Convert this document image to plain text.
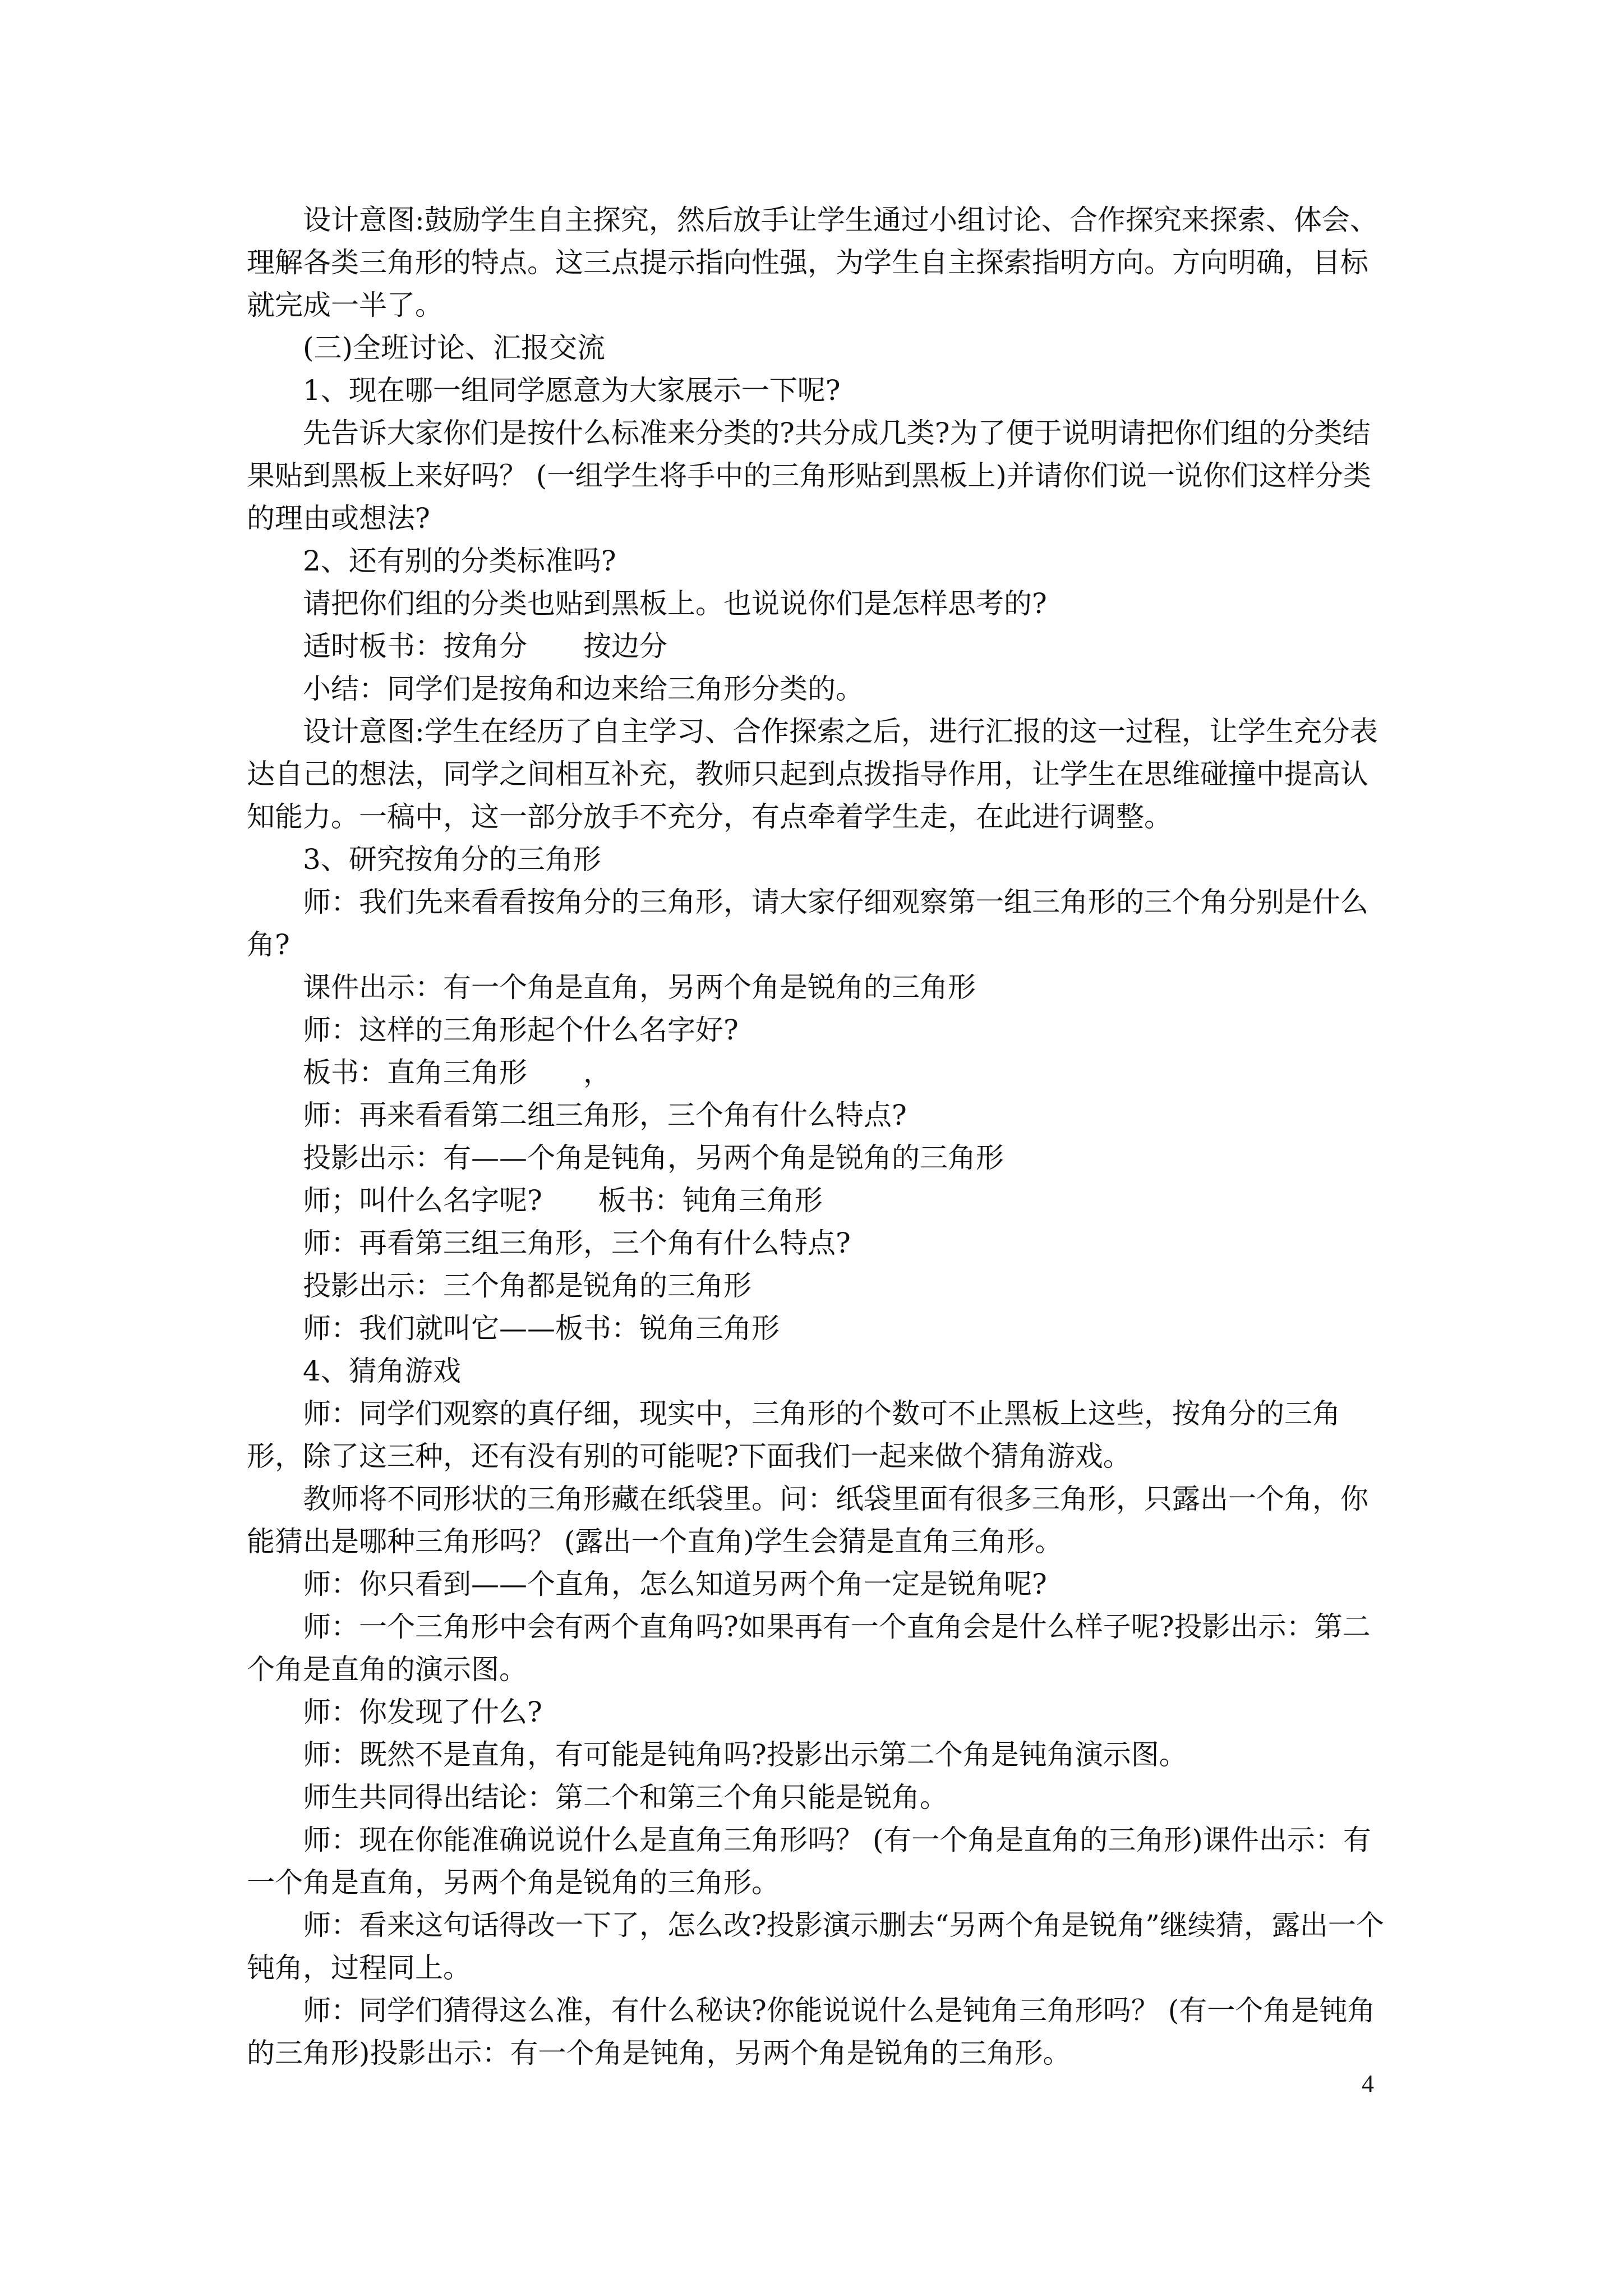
设计意图:鼓励学生自主探究，然后放手让学生通过小组讨论、合作探究来探索、体会、理解各类三角形的特点。这三点提示指向性强，为学生自主探索指明方向。方向明确，目标就完成一半了。

(三)全班讨论、汇报交流

1、现在哪一组同学愿意为大家展示一下呢?

先告诉大家你们是按什么标准来分类的?共分成几类?为了便于说明请把你们组的分类结果贴到黑板上来好吗？ (一组学生将手中的三角形贴到黑板上)并请你们说一说你们这样分类的理由或想法?

2、还有别的分类标准吗?

请把你们组的分类也贴到黑板上。也说说你们是怎样思考的?

适时板书：按角分　　按边分

小结：同学们是按角和边来给三角形分类的。

设计意图:学生在经历了自主学习、合作探索之后，进行汇报的这一过程，让学生充分表达自己的想法，同学之间相互补充，教师只起到点拨指导作用，让学生在思维碰撞中提高认知能力。一稿中，这一部分放手不充分，有点牵着学生走，在此进行调整。

3、研究按角分的三角形

师：我们先来看看按角分的三角形，请大家仔细观察第一组三角形的三个角分别是什么角?

课件出示：有一个角是直角，另两个角是锐角的三角形

师：这样的三角形起个什么名字好?

板书：直角三角形　　，

师：再来看看第二组三角形，三个角有什么特点?

投影出示：有——个角是钝角，另两个角是锐角的三角形

师；叫什么名字呢?　　板书：钝角三角形

师：再看第三组三角形，三个角有什么特点?

投影出示：三个角都是锐角的三角形

师：我们就叫它——板书：锐角三角形

4、猜角游戏

师：同学们观察的真仔细，现实中，三角形的个数可不止黑板上这些，按角分的三角形，除了这三种，还有没有别的可能呢?下面我们一起来做个猜角游戏。

教师将不同形状的三角形藏在纸袋里。问：纸袋里面有很多三角形，只露出一个角，你能猜出是哪种三角形吗？ (露出一个直角)学生会猜是直角三角形。

师：你只看到——个直角，怎么知道另两个角一定是锐角呢?

师：一个三角形中会有两个直角吗?如果再有一个直角会是什么样子呢?投影出示：第二个角是直角的演示图。

师：你发现了什么?

师：既然不是直角，有可能是钝角吗?投影出示第二个角是钝角演示图。

师生共同得出结论：第二个和第三个角只能是锐角。

师：现在你能准确说说什么是直角三角形吗？ (有一个角是直角的三角形)课件出示：有一个角是直角，另两个角是锐角的三角形。

师：看来这句话得改一下了，怎么改?投影演示删去“另两个角是锐角”继续猜，露出一个钝角，过程同上。

师：同学们猜得这么准，有什么秘诀?你能说说什么是钝角三角形吗？ (有一个角是钝角的三角形)投影出示：有一个角是钝角，另两个角是锐角的三角形。

4
